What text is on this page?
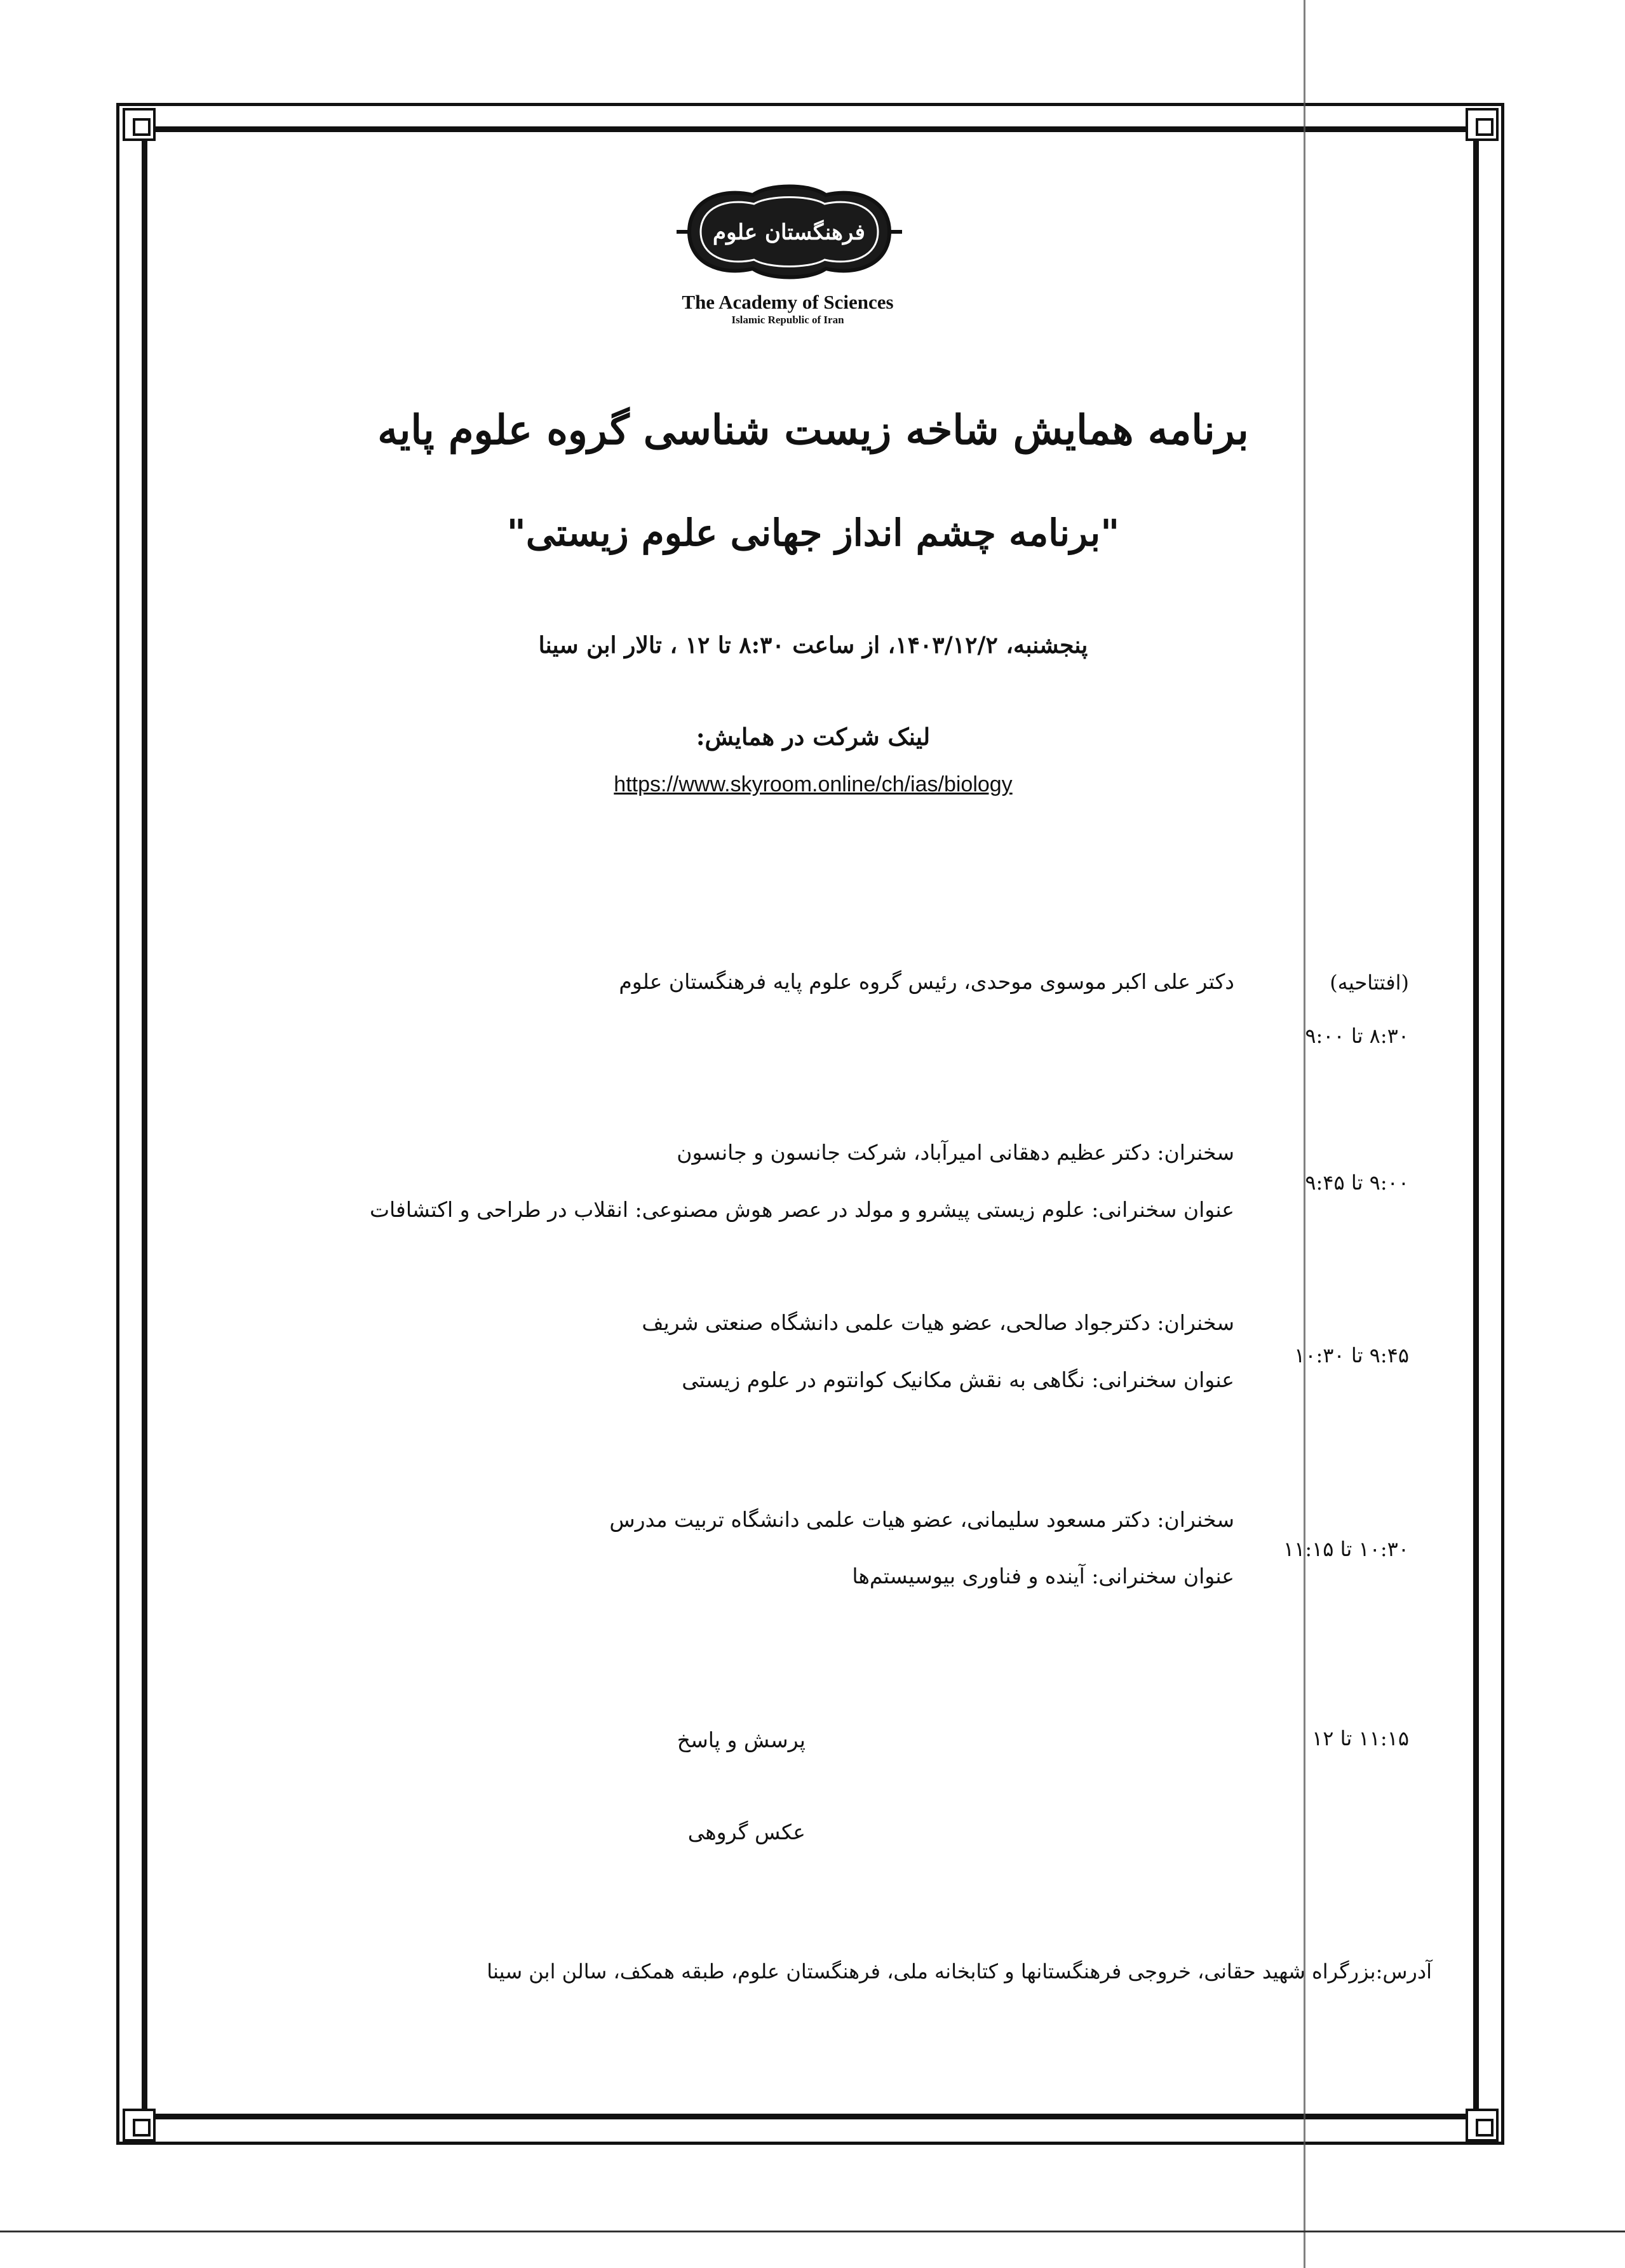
فرهنگستان علوم
The Academy of Sciences
Islamic Republic of Iran
برنامه همایش شاخه زیست شناسی گروه علوم پایه
"برنامه چشم انداز جهانی علوم زیستی"
پنجشنبه، ۱۴۰۳/۱۲/۲، از ساعت ۸:۳۰ تا ۱۲ ، تالار ابن سینا
لینک شرکت در همایش:
https://www.skyroom.online/ch/ias/biology
(افتتاحیه)
۸:۳۰ تا ۹:۰۰
دکتر علی اکبر موسوی موحدی، رئیس گروه علوم پایه فرهنگستان علوم
۹:۰۰ تا ۹:۴۵
سخنران: دکتر عظیم دهقانی امیرآباد، شرکت جانسون و جانسون
عنوان سخنرانی: علوم زیستی پیشرو و مولد در عصر هوش مصنوعی: انقلاب در طراحی و اکتشافات
۹:۴۵ تا ۱۰:۳۰
سخنران: دکترجواد صالحی، عضو هیات علمی دانشگاه صنعتی شریف
عنوان سخنرانی: نگاهی به نقش مکانیک کوانتوم در علوم زیستی
۱۰:۳۰ تا ۱۱:۱۵
سخنران: دکتر مسعود سلیمانی، عضو هیات علمی دانشگاه تربیت مدرس
عنوان سخنرانی: آینده و فناوری بیوسیستم‌ها
۱۱:۱۵ تا ۱۲
پرسش و پاسخ
عکس گروهی
آدرس:بزرگراه شهید حقانی، خروجی فرهنگستانها و کتابخانه ملی، فرهنگستان علوم، طبقه همکف، سالن ابن سینا
